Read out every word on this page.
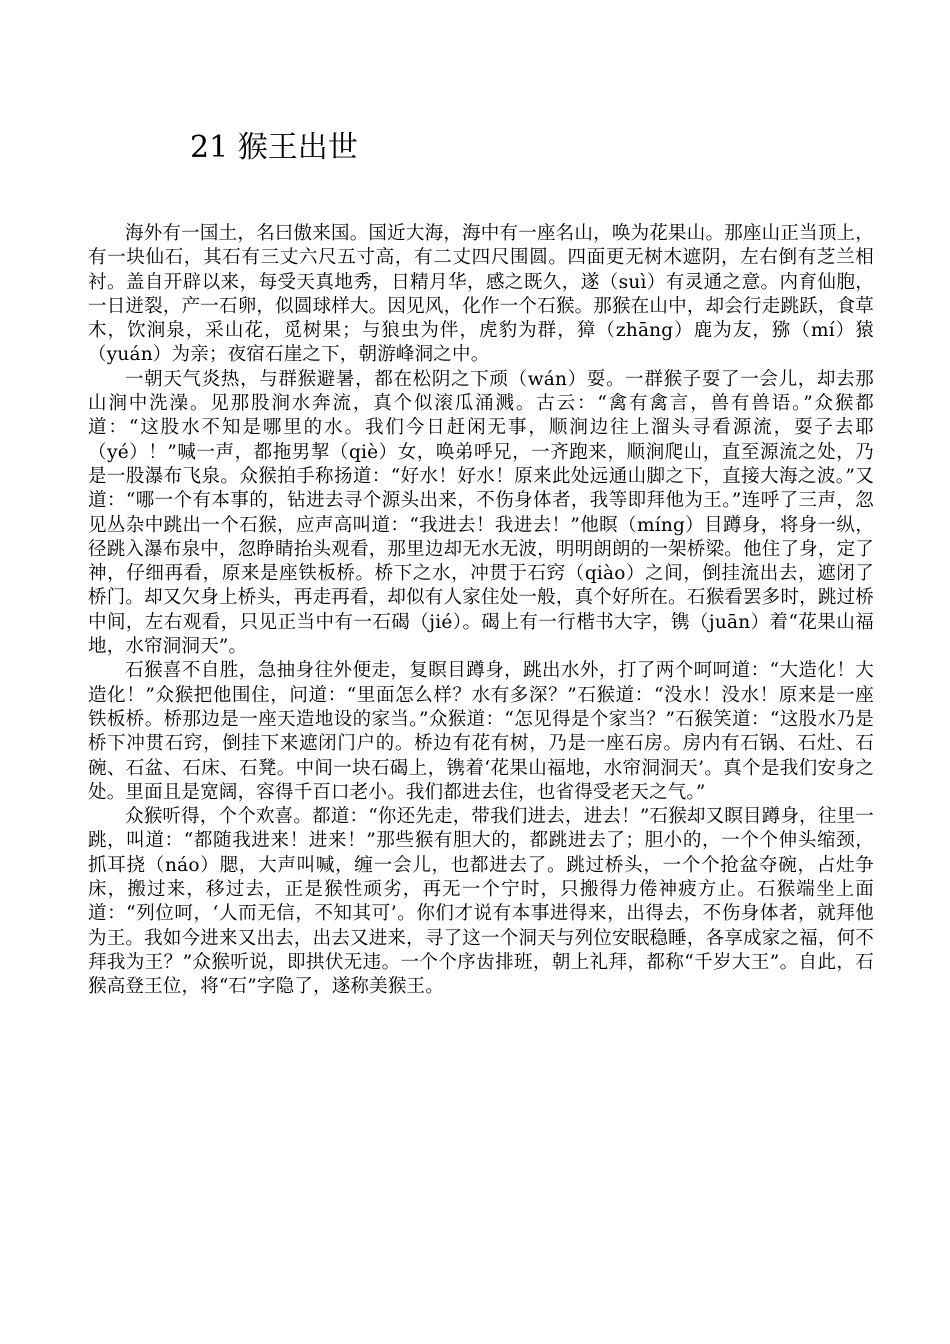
21 猴王出世

海外有一国土，名曰傲来国。国近大海，海中有一座名山，唤为花果山。那座山正当顶上，有一块仙石，其石有三丈六尺五寸高，有二丈四尺围圆。四面更无树木遮阴，左右倒有芝兰相衬。盖自开辟以来，每受天真地秀，日精月华，感之既久，遂（suì）有灵通之意。内育仙胞，一日迸裂，产一石卵，似圆球样大。因见风，化作一个石猴。那猴在山中，却会行走跳跃，食草木，饮涧泉，采山花，觅树果；与狼虫为伴，虎豹为群，獐（zhāng）鹿为友，猕（mí）猿（yuán）为亲；夜宿石崖之下，朝游峰洞之中。

一朝天气炎热，与群猴避暑，都在松阴之下顽（wán）耍。一群猴子耍了一会儿，却去那山涧中洗澡。见那股涧水奔流，真个似滚瓜涌溅。古云：“禽有禽言，兽有兽语。”众猴都道：“这股水不知是哪里的水。我们今日赶闲无事，顺涧边往上溜头寻看源流，耍子去耶（yé）！”喊一声，都拖男挈（qiè）女，唤弟呼兄，一齐跑来，顺涧爬山，直至源流之处，乃是一股瀑布飞泉。众猴拍手称扬道：“好水！好水！原来此处远通山脚之下，直接大海之波。”又道：“哪一个有本事的，钻进去寻个源头出来，不伤身体者，我等即拜他为王。”连呼了三声，忽见丛杂中跳出一个石猴，应声高叫道：“我进去！我进去！”他瞑（míng）目蹲身，将身一纵，径跳入瀑布泉中，忽睁睛抬头观看，那里边却无水无波，明明朗朗的一架桥梁。他住了身，定了神，仔细再看，原来是座铁板桥。桥下之水，冲贯于石窍（qiào）之间，倒挂流出去，遮闭了桥门。却又欠身上桥头，再走再看，却似有人家住处一般，真个好所在。石猴看罢多时，跳过桥中间，左右观看，只见正当中有一石碣（jié）。碣上有一行楷书大字，镌（juān）着“花果山福地，水帘洞洞天”。

石猴喜不自胜，急抽身往外便走，复瞑目蹲身，跳出水外，打了两个呵呵道：“大造化！大造化！”众猴把他围住，问道：“里面怎么样？水有多深？”石猴道：“没水！没水！原来是一座铁板桥。桥那边是一座天造地设的家当。”众猴道：“怎见得是个家当？”石猴笑道：“这股水乃是桥下冲贯石窍，倒挂下来遮闭门户的。桥边有花有树，乃是一座石房。房内有石锅、石灶、石碗、石盆、石床、石凳。中间一块石碣上，镌着‘花果山福地，水帘洞洞天’。真个是我们安身之处。里面且是宽阔，容得千百口老小。我们都进去住，也省得受老天之气。”

众猴听得，个个欢喜。都道：“你还先走，带我们进去，进去！”石猴却又瞑目蹲身，往里一跳，叫道：“都随我进来！进来！”那些猴有胆大的，都跳进去了；胆小的，一个个伸头缩颈，抓耳挠（náo）腮，大声叫喊，缠一会儿，也都进去了。跳过桥头，一个个抢盆夺碗，占灶争床，搬过来，移过去，正是猴性顽劣，再无一个宁时，只搬得力倦神疲方止。石猴端坐上面道：“列位呵，‘人而无信，不知其可’。你们才说有本事进得来，出得去，不伤身体者，就拜他为王。我如今进来又出去，出去又进来，寻了这一个洞天与列位安眠稳睡，各享成家之福，何不拜我为王？”众猴听说，即拱伏无违。一个个序齿排班，朝上礼拜，都称“千岁大王”。自此，石猴高登王位，将“石”字隐了，遂称美猴王。
